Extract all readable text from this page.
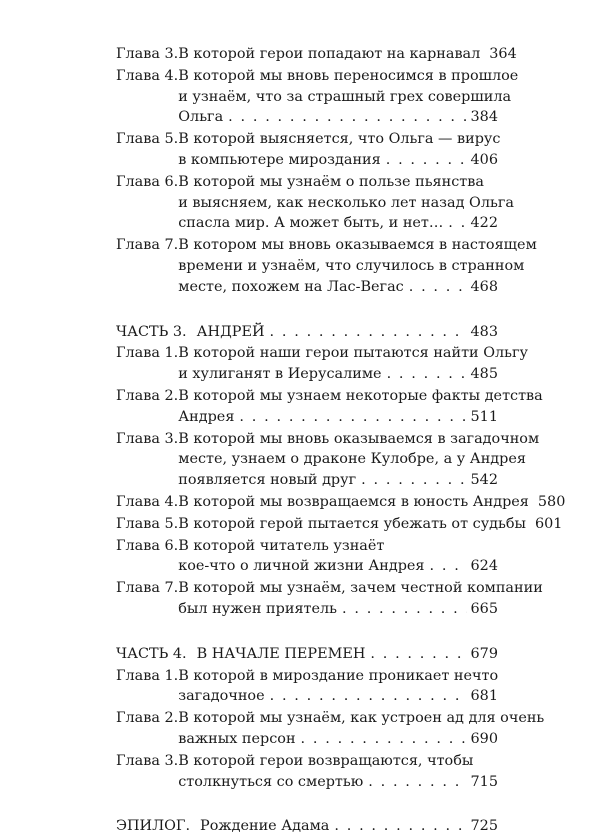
Глава 3. В которой герои попадают на карнавал 364
Глава 4. В которой мы вновь переносимся в прошлое
и узнаём, что за страшный грех совершила
Ольга . . .	384
Глава 5. В которой выясняется, что Ольга — вирус
в компьютере мироздания . . .	406
Глава 6. В которой мы узнаём о пользе пьянства
и выясняем, как несколько лет назад Ольга
спасла мир. А может быть, и нет… . . . 422
Глава 7. В котором мы вновь оказываемся в настоящем
времени и узнаём, что случилось в странном
месте, похожем на Лас-Вегас . . .	468
ЧАСТЬ 3. АНДРЕЙ . . .	483
Глава 1. В которой наши герои пытаются найти Ольгу
и хулиганят в Иерусалиме . . .	485
Глава 2. В которой мы узнаем некоторые факты детства
Андрея . . .	511
Глава 3. В которой мы вновь оказываемся в загадочном
месте, узнаем о драконе Кулобре, а у Андрея
появляется новый друг . . .	542
Глава 4. В которой мы возвращаемся в юность Андрея 580
Глава 5. В которой герой пытается убежать от судьбы 601
Глава 6. В которой читатель узнаёт
кое-что о личной жизни Андрея . . .	624
Глава 7. В которой мы узнаём, зачем честной компании
был нужен приятель . . .	665
ЧАСТЬ 4. В НАЧАЛЕ ПЕРЕМЕН . . .	679
Глава 1. В которой в мироздание проникает нечто
загадочное . . .	681
Глава 2. В которой мы узнаём, как устроен ад для очень
важных персон . . .	690
Глава 3. В которой герои возвращаются, чтобы
столкнуться со смертью . . .	715
ЭПИЛОГ. Рождение Адама . . .	725
